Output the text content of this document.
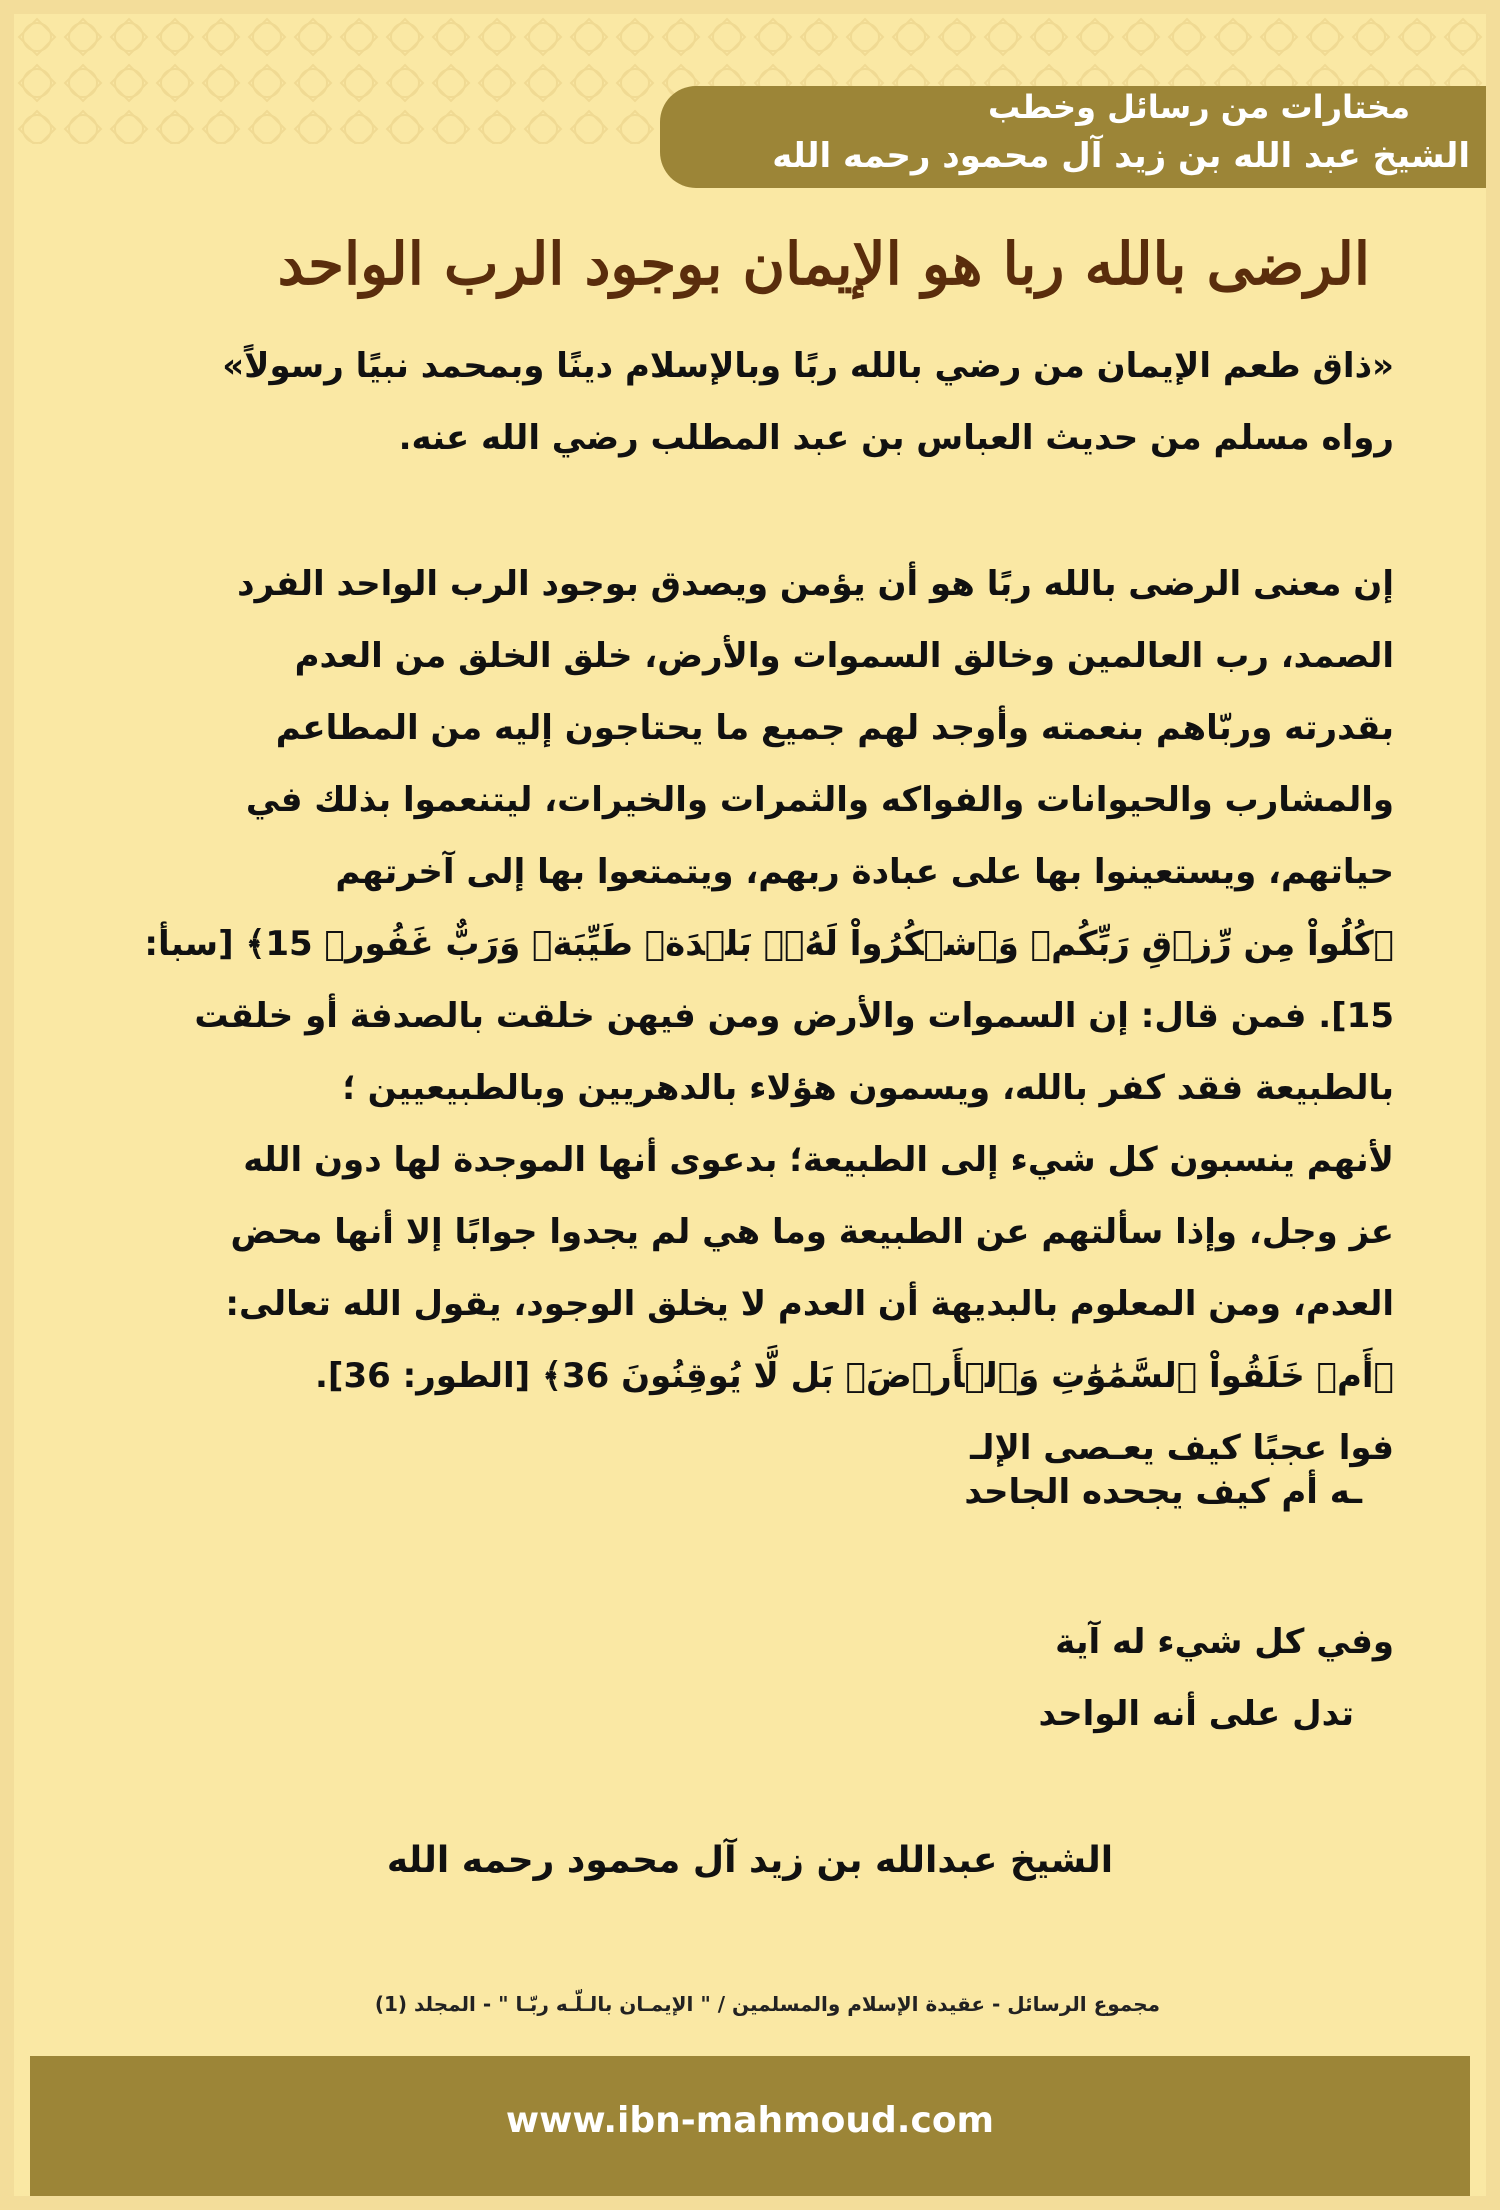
مختارات من رسائل وخطب
الشيخ عبد الله بن زيد آل محمود رحمه الله
الرضى بالله ربا هو الإيمان بوجود الرب الواحد
«ذاق طعم الإيمان من رضي بالله ربًا وبالإسلام دينًا وبمحمد نبيًا رسولاً»
رواه مسلم من حديث العباس بن عبد المطلب رضي الله عنه.
إن معنى الرضى بالله ربًا هو أن يؤمن ويصدق بوجود الرب الواحد الفرد
الصمد، رب العالمين وخالق السموات والأرض، خلق الخلق من العدم
بقدرته وربّاهم بنعمته وأوجد لهم جميع ما يحتاجون إليه من المطاعم
والمشارب والحيوانات والفواكه والثمرات والخيرات، ليتنعموا بذلك في
حياتهم، ويستعينوا بها على عبادة ربهم، ويتمتعوا بها إلى آخرتهم
﴿كُلُواْ مِن رِّزۡقِ رَبِّكُمۡ وَٱشۡكُرُواْ لَهُۥۚ بَلۡدَةٞ طَيِّبَةٞ وَرَبٌّ غَفُورٞ 15﴾ [سبأ:
15]. فمن قال: إن السموات والأرض ومن فيهن خلقت بالصدفة أو خلقت
بالطبيعة فقد كفر بالله، ويسمون هؤلاء بالدهريين وبالطبيعيين ؛
لأنهم ينسبون كل شيء إلى الطبيعة؛ بدعوى أنها الموجدة لها دون الله
عز وجل، وإذا سألتهم عن الطبيعة وما هي لم يجدوا جوابًا إلا أنها محض
العدم، ومن المعلوم بالبديهة أن العدم لا يخلق الوجود، يقول الله تعالى:
﴿أَمۡ خَلَقُواْ ٱلسَّمَٰوَٰتِ وَٱلۡأَرۡضَۚ بَل لَّا يُوقِنُونَ 36﴾ [الطور: 36].
فوا عجبًا كيف يعـصى الإلـ
ـه أم كيف يجحده الجاحد
وفي كل شيء له آية
تدل على أنه الواحد
الشيخ عبدالله بن زيد آل محمود رحمه الله
مجموع الرسائل - عقيدة الإسلام والمسلمين / " الإيمـان بالـلّـه ربّـا " - المجلد (1)
www.ibn-mahmoud.com
